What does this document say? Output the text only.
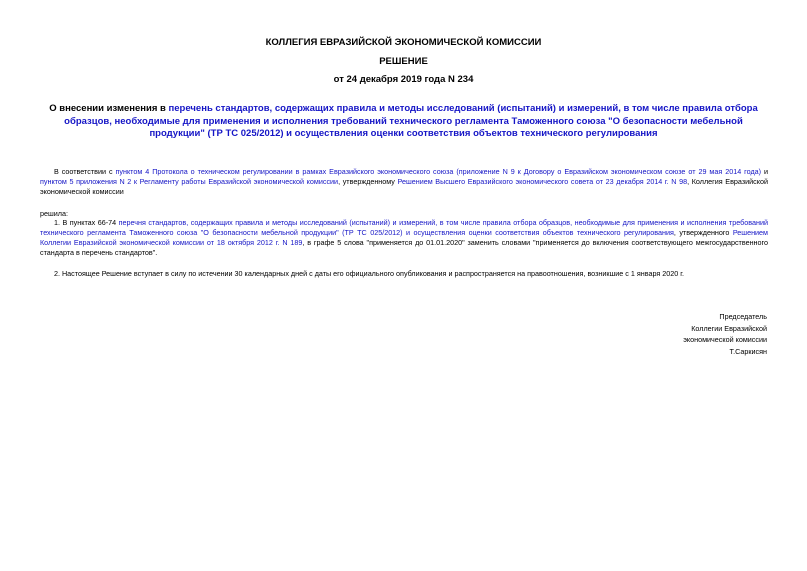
КОЛЛЕГИЯ ЕВРАЗИЙСКОЙ ЭКОНОМИЧЕСКОЙ КОМИССИИ
РЕШЕНИЕ
от 24 декабря 2019 года N 234
О внесении изменения в перечень стандартов, содержащих правила и методы исследований (испытаний) и измерений, в том числе правила отбора образцов, необходимые для применения и исполнения требований технического регламента Таможенного союза "О безопасности мебельной продукции" (ТР ТС 025/2012) и осуществления оценки соответствия объектов технического регулирования
В соответствии с пунктом 4 Протокола о техническом регулировании в рамках Евразийского экономического союза (приложение N 9 к Договору о Евразийском экономическом союзе от 29 мая 2014 года) и пунктом 5 приложения N 2 к Регламенту работы Евразийской экономической комиссии, утвержденному Решением Высшего Евразийского экономического совета от 23 декабря 2014 г. N 98, Коллегия Евразийской экономической комиссии
решила:
1. В пунктах 66-74 перечня стандартов, содержащих правила и методы исследований (испытаний) и измерений, в том числе правила отбора образцов, необходимые для применения и исполнения требований технического регламента Таможенного союза "О безопасности мебельной продукции" (ТР ТС 025/2012) и осуществления оценки соответствия объектов технического регулирования, утвержденного Решением Коллегии Евразийской экономической комиссии от 18 октября 2012 г. N 189, в графе 5 слова "применяется до 01.01.2020" заменить словами "применяется до включения соответствующего межгосударственного стандарта в перечень стандартов".
2. Настоящее Решение вступает в силу по истечении 30 календарных дней с даты его официального опубликования и распространяется на правоотношения, возникшие с 1 января 2020 г.
Председатель
Коллегии Евразийской
экономической комиссии
Т.Саркисян
